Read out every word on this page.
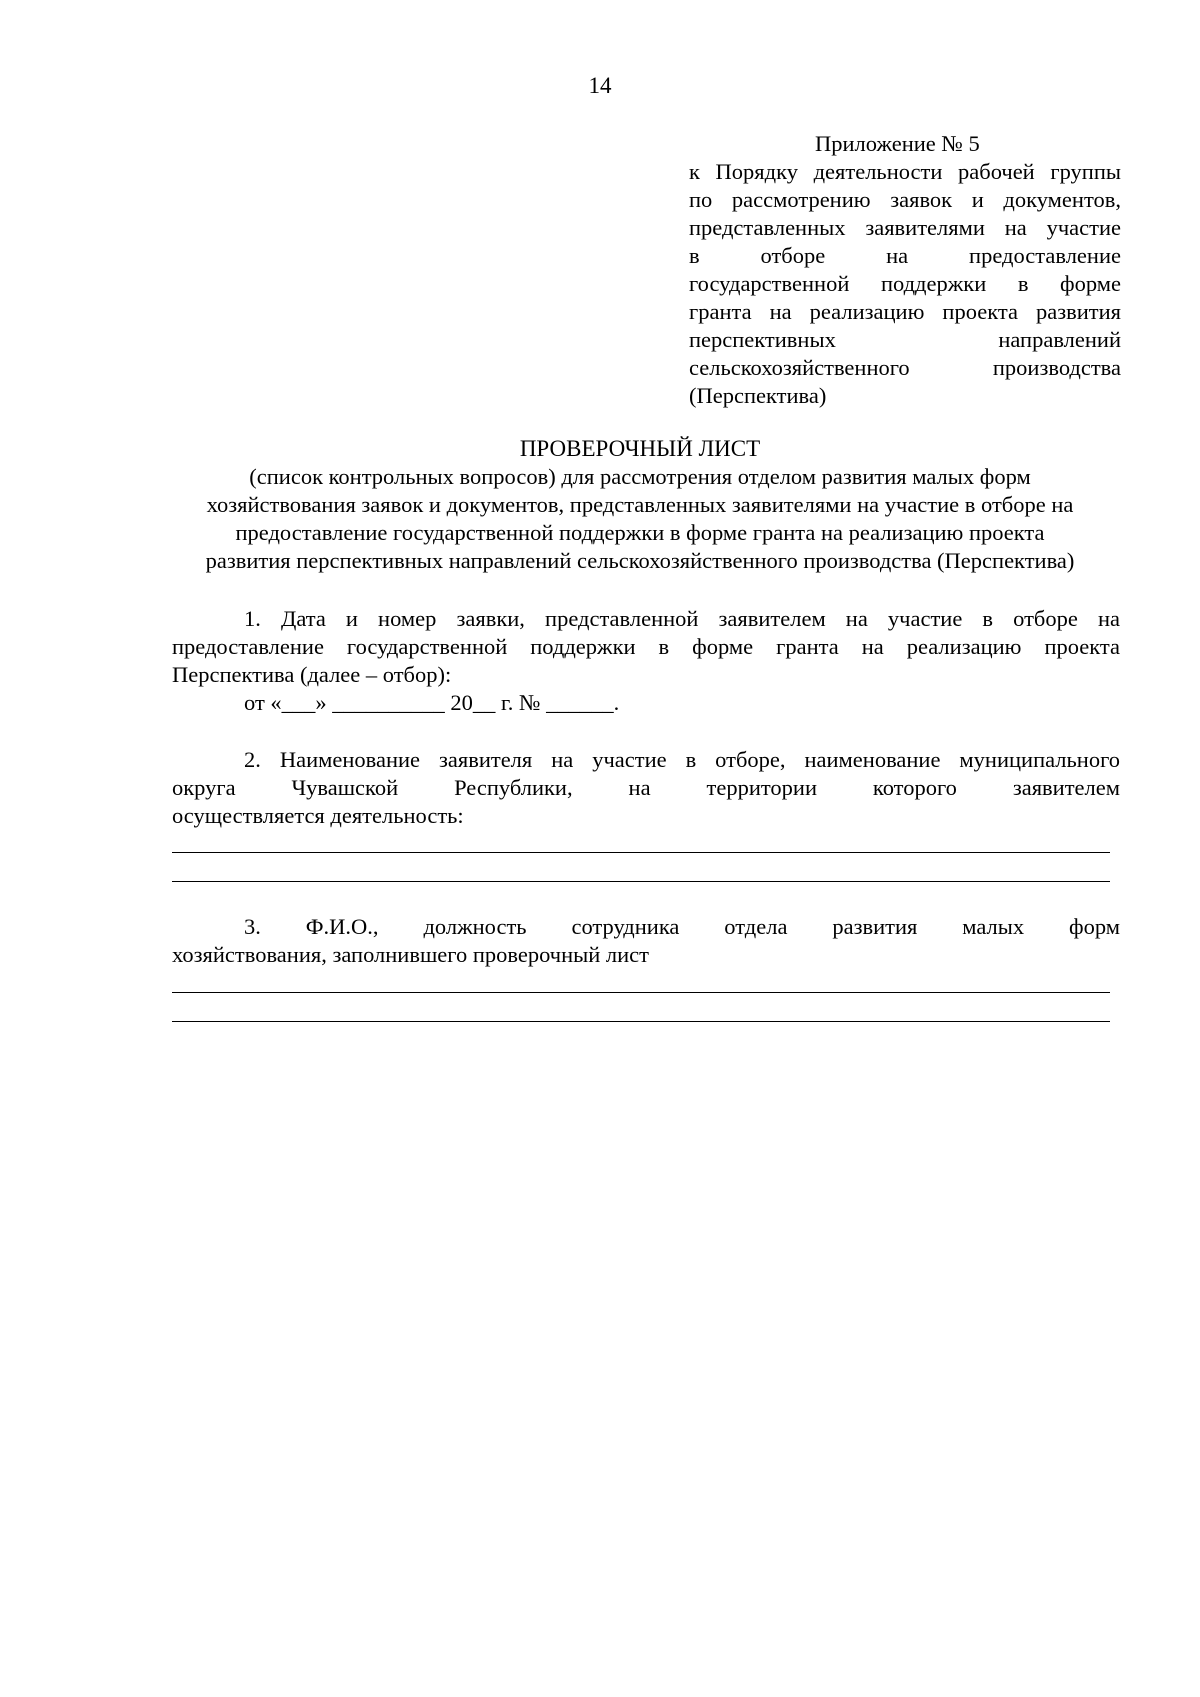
14
Приложение № 5
к Порядку деятельности рабочей группы
по рассмотрению заявок и документов,
представленных заявителями на участие
в отборе на предоставление
государственной поддержки в форме
гранта на реализацию проекта развития
перспективных направлений
сельскохозяйственного производства
(Перспектива)
ПРОВЕРОЧНЫЙ ЛИСТ
(список контрольных вопросов) для рассмотрения отделом развития малых форм
хозяйствования заявок и документов, представленных заявителями на участие в отборе на
предоставление государственной поддержки в форме гранта на реализацию проекта
развития перспективных направлений сельскохозяйственного производства (Перспектива)
1. Дата и номер заявки, представленной заявителем на участие в отборе на
предоставление государственной поддержки в форме гранта на реализацию проекта
Перспектива (далее – отбор):
от «___» __________ 20__ г. № ______.
2. Наименование заявителя на участие в отборе, наименование муниципального
округа Чувашской Республики, на территории которого заявителем
осуществляется деятельность:
3. Ф.И.О., должность сотрудника отдела развития малых форм
хозяйствования, заполнившего проверочный лист
